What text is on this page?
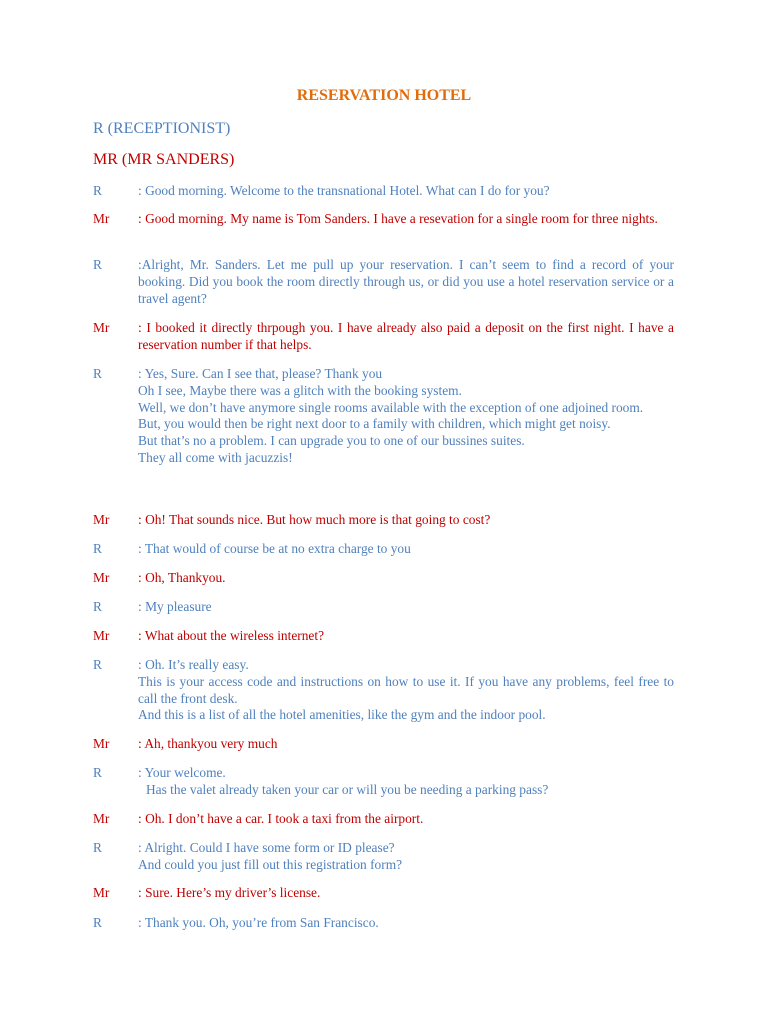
RESERVATION HOTEL
R (RECEPTIONIST)
MR (MR SANDERS)
R	: Good morning. Welcome to the transnational Hotel. What can I do for you?
Mr : Good morning. My name is Tom Sanders. I have a resevation for a single room for three nights.
R	:Alright, Mr. Sanders. Let me pull up your reservation. I can’t seem to find a record of your booking. Did you book the room directly through us, or did you use a hotel reservation service or a travel agent?
Mr : I booked it directly thrpough you. I have already also paid a deposit on the first night. I have a reservation number if that helps.
R	: Yes, Sure. Can I see that, please? Thank you
Oh I see, Maybe there was a glitch with the booking system.
Well, we don’t have anymore single rooms available with the exception of one adjoined room.
But, you would then be right next door to a family with children, which might get noisy.
But that’s no a problem. I can upgrade you to one of our bussines suites.
They all come with jacuzzis!
Mr : Oh! That sounds nice. But how much more is that going to cost?
R	: That would of course be at no extra charge to you
Mr : Oh, Thankyou.
R	: My pleasure
Mr : What about the wireless internet?
R	: Oh. It’s really easy.
This is your access code and instructions on how to use it. If you have any problems, feel free to call the front desk.
And this is a list of all the hotel amenities, like the gym and the indoor pool.
Mr : Ah, thankyou very much
R	: Your welcome.
Has the valet already taken your car or will you be needing a parking pass?
Mr : Oh. I don’t have a car. I took a taxi from the airport.
R	: Alright. Could I have some form or ID please?
And could you just fill out this registration form?
Mr : Sure. Here’s my driver’s license.
R	: Thank you. Oh, you’re from San Francisco.
